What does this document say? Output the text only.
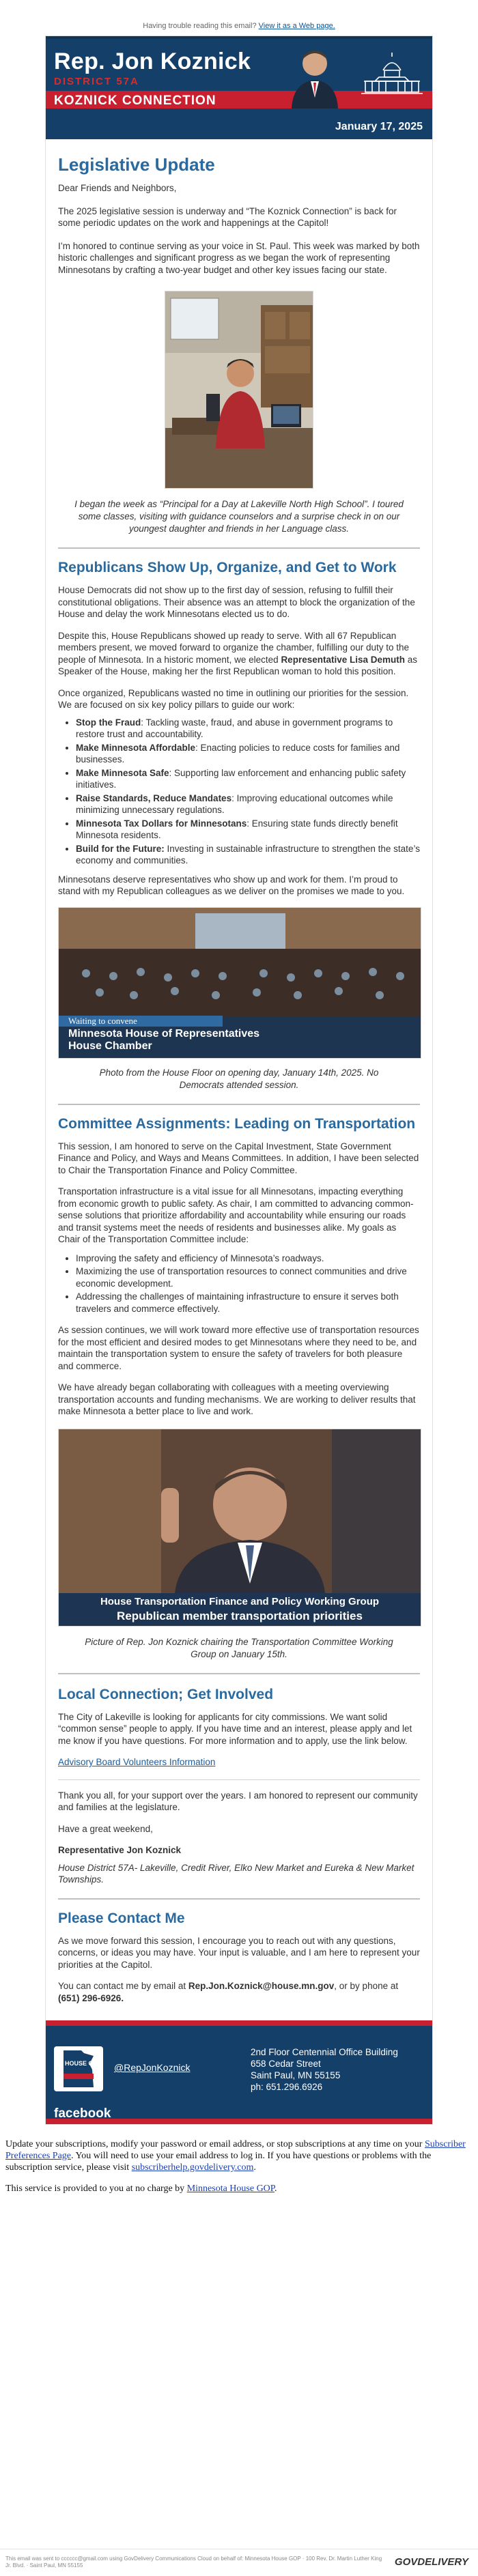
Having trouble reading this email? View it as a Web page.
Rep. Jon Koznick
DISTRICT 57A
KOZNICK CONNECTION
January 17, 2025
Legislative Update

Dear Friends and Neighbors,

The 2025 legislative session is underway and “The Koznick Connection” is back for some periodic updates on the work and happenings at the Capitol!

I’m honored to continue serving as your voice in St. Paul. This week was marked by both historic challenges and significant progress as we began the work of representing Minnesotans by crafting a two-year budget and other key issues facing our state.

I began the week as “Principal for a Day at Lakeville North High School”. I toured some classes, visiting with guidance counselors and a surprise check in on our youngest daughter and friends in her Language class.

Republicans Show Up, Organize, and Get to Work

House Democrats did not show up to the first day of session, refusing to fulfill their constitutional obligations. Their absence was an attempt to block the organization of the House and delay the work Minnesotans elected us to do.

Despite this, House Republicans showed up ready to serve. With all 67 Republican members present, we moved forward to organize the chamber, fulfilling our duty to the people of Minnesota. In a historic moment, we elected Representative Lisa Demuth as Speaker of the House, making her the first Republican woman to hold this position.

Once organized, Republicans wasted no time in outlining our priorities for the session. We are focused on six key policy pillars to guide our work:

• Stop the Fraud: Tackling waste, fraud, and abuse in government programs to restore trust and accountability.
• Make Minnesota Affordable: Enacting policies to reduce costs for families and businesses.
• Make Minnesota Safe: Supporting law enforcement and enhancing public safety initiatives.
• Raise Standards, Reduce Mandates: Improving educational outcomes while minimizing unnecessary regulations.
• Minnesota Tax Dollars for Minnesotans: Ensuring state funds directly benefit Minnesota residents.
• Build for the Future: Investing in sustainable infrastructure to strengthen the state’s economy and communities.

Minnesotans deserve representatives who show up and work for them. I’m proud to stand with my Republican colleagues as we deliver on the promises we made to you.

Waiting to convene
Minnesota House of Representatives
House Chamber

Photo from the House Floor on opening day, January 14th, 2025. No Democrats attended session.

Committee Assignments: Leading on Transportation

This session, I am honored to serve on the Capital Investment, State Government Finance and Policy, and Ways and Means Committees. In addition, I have been selected to Chair the Transportation Finance and Policy Committee.

Transportation infrastructure is a vital issue for all Minnesotans, impacting everything from economic growth to public safety. As chair, I am committed to advancing common-sense solutions that prioritize affordability and accountability while ensuring our roads and transit systems meet the needs of residents and businesses alike. My goals as Chair of the Transportation Committee include:

• Improving the safety and efficiency of Minnesota’s roadways.
• Maximizing the use of transportation resources to connect communities and drive economic development.
• Addressing the challenges of maintaining infrastructure to ensure it serves both travelers and commerce effectively.

As session continues, we will work toward more effective use of transportation resources for the most efficient and desired modes to get Minnesotans where they need to be, and maintain the transportation system to ensure the safety of travelers for both pleasure and commerce.

We have already began collaborating with colleagues with a meeting overviewing transportation accounts and funding mechanisms. We are working to deliver results that make Minnesota a better place to live and work.

House Transportation Finance and Policy Working Group
Republican member transportation priorities

Picture of Rep. Jon Koznick chairing the Transportation Committee Working Group on January 15th.

Local Connection; Get Involved

The City of Lakeville is looking for applicants for city commissions. We want solid “common sense” people to apply. If you have time and an interest, please apply and let me know if you have questions. For more information and to apply, use the link below.

Advisory Board Volunteers Information

Thank you all, for your support over the years. I am honored to represent our community and families at the legislature.

Have a great weekend,

Representative Jon Koznick

House District 57A- Lakeville, Credit River, Elko New Market and Eureka & New Market Townships.

Please Contact Me

As we move forward this session, I encourage you to reach out with any questions, concerns, or ideas you may have. Your input is valuable, and I am here to represent your priorities at the Capitol.

You can contact me by email at Rep.Jon.Koznick@house.mn.gov, or by phone at
(651) 296-6926.

HOUSE GOP @RepJonKoznick
facebook
2nd Floor Centennial Office Building
658 Cedar Street
Saint Paul, MN 55155
ph: 651.296.6926
Update your subscriptions, modify your password or email address, or stop subscriptions at any time on your Subscriber Preferences Page. You will need to use your email address to log in. If you have questions or problems with the subscription service, please visit subscriberhelp.govdelivery.com.
This service is provided to you at no charge by Minnesota House GOP.
This email was sent to cccccc@gmail.com using GovDelivery Communications Cloud on behalf of: Minnesota House GOP · 100 Rev. Dr. Martin Luther King Jr. Blvd. · Saint Paul, MN 55155	GOVDELIVERY
